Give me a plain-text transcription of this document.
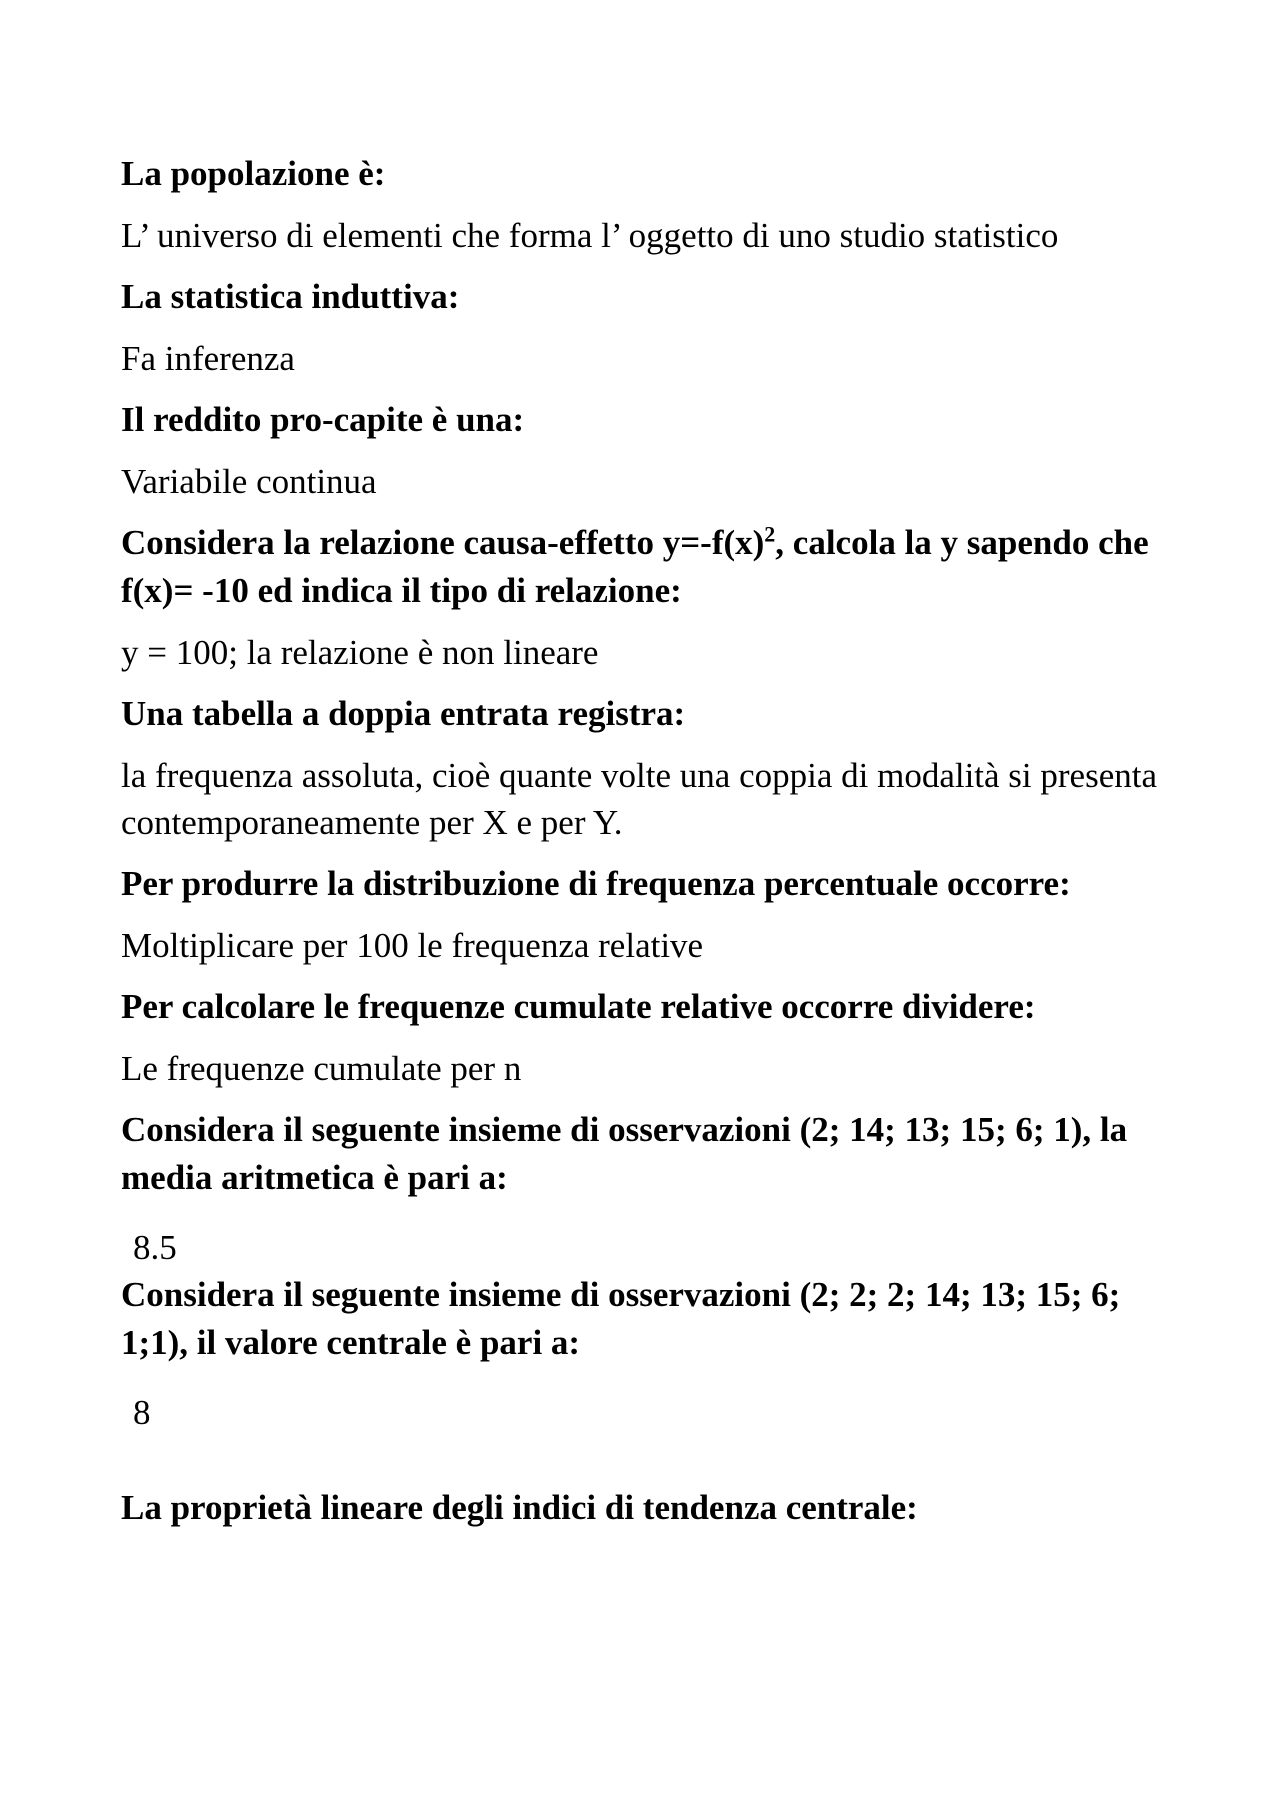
La popolazione è:

L’ universo di elementi che forma l’ oggetto di uno studio statistico

La statistica induttiva:

Fa inferenza

Il reddito pro-capite è una:

Variabile continua

Considera la relazione causa-effetto $y=-f(x)^2$, calcola la y sapendo che f(x)= -10 ed indica il tipo di relazione:

y = 100; la relazione è non lineare

Una tabella a doppia entrata registra:

la frequenza assoluta, cioè quante volte una coppia di modalità si presenta contemporaneamente per X e per Y.

Per produrre la distribuzione di frequenza percentuale occorre:

Moltiplicare per 100 le frequenza relative

Per calcolare le frequenze cumulate relative occorre dividere:

Le frequenze cumulate per n

Considera il seguente insieme di osservazioni (2; 14; 13; 15; 6; 1), la media aritmetica è pari a:

8.5

Considera il seguente insieme di osservazioni (2; 2; 2; 14; 13; 15; 6; 1;1), il valore centrale è pari a:

8

La proprietà lineare degli indici di tendenza centrale:
